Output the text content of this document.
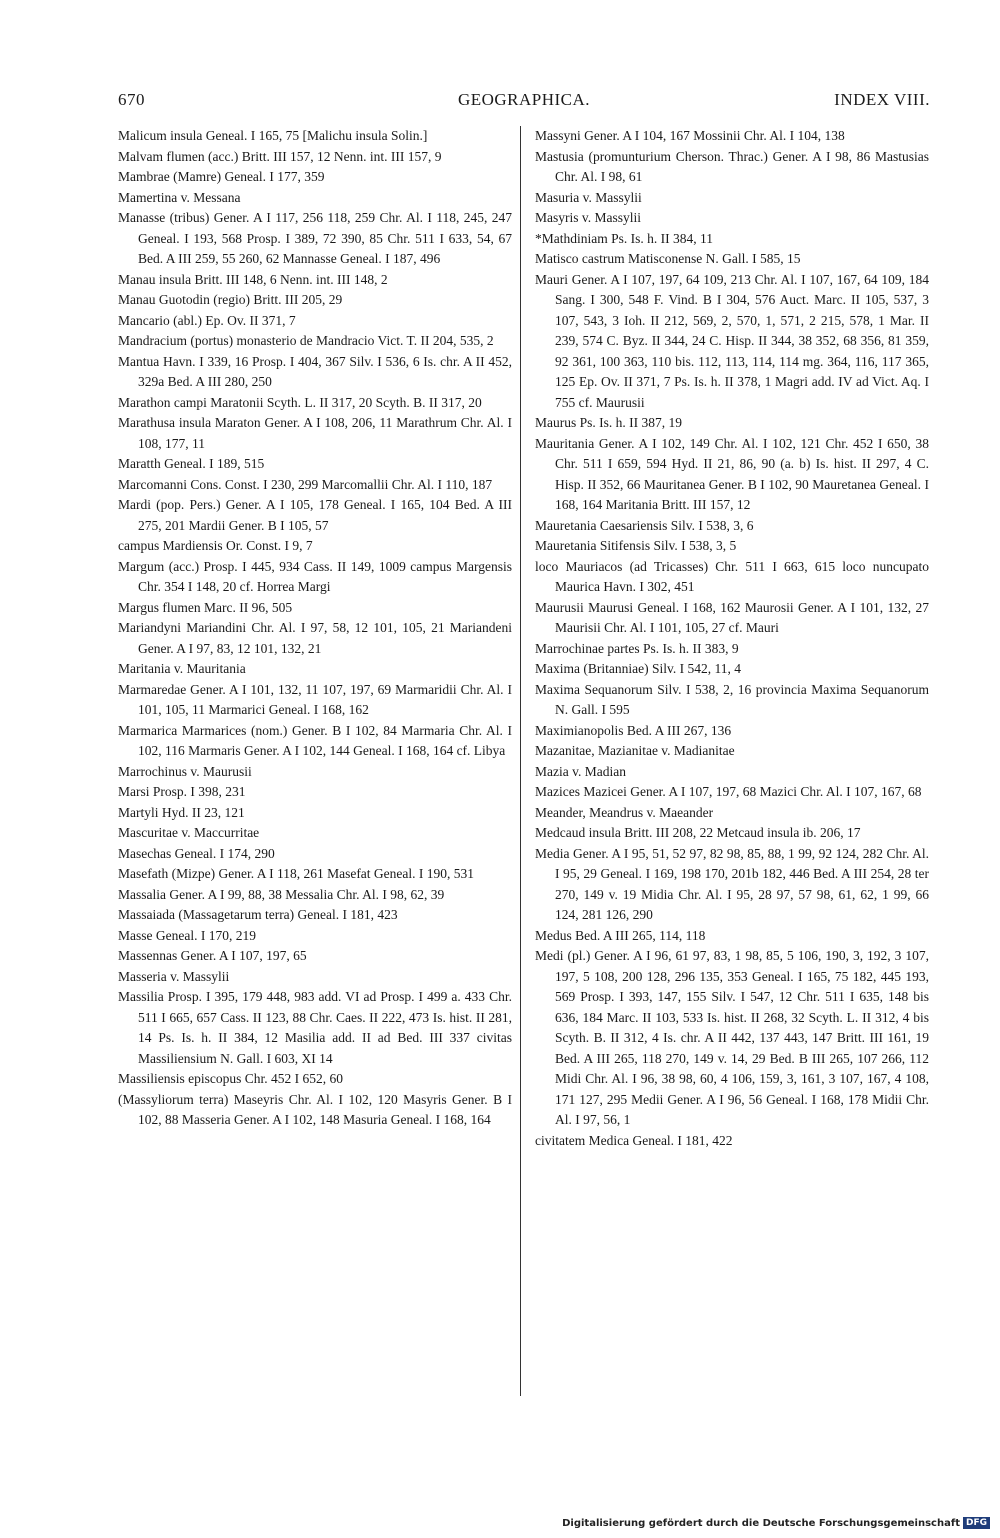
670	GEOGRAPHICA.	INDEX VIII.
Malicum insula Geneal. I 165, 75 [Malichu insula Solin.]
Malvam flumen (acc.) Britt. III 157, 12 Nenn. int. III 157, 9
Mambrae (Mamre) Geneal. I 177, 359
Mamertina v. Messana
Manasse (tribus) Gener. A I 117, 256 118, 259 Chr. Al. I 118, 245, 247 Geneal. I 193, 568 Prosp. I 389, 72 390, 85 Chr. 511 I 633, 54, 67 Bed. A III 259, 55 260, 62 Mannasse Geneal. I 187, 496
Manau insula Britt. III 148, 6 Nenn. int. III 148, 2
Manau Guotodin (regio) Britt. III 205, 29
Mancario (abl.) Ep. Ov. II 371, 7
Mandracium (portus) monasterio de Mandracio Vict. T. II 204, 535, 2
Mantua Havn. I 339, 16 Prosp. I 404, 367 Silv. I 536, 6 Is. chr. A II 452, 329a Bed. A III 280, 250
Marathon campi Maratonii Scyth. L. II 317, 20 Scyth. B. II 317, 20
Marathusa insula Maraton Gener. A I 108, 206, 11 Marathrum Chr. Al. I 108, 177, 11
Maratth Geneal. I 189, 515
Marcomanni Cons. Const. I 230, 299 Marcomallii Chr. Al. I 110, 187
Mardi (pop. Pers.) Gener. A I 105, 178 Geneal. I 165, 104 Bed. A III 275, 201 Mardii Gener. B I 105, 57
campus Mardiensis Or. Const. I 9, 7
Margum (acc.) Prosp. I 445, 934 Cass. II 149, 1009 campus Margensis Chr. 354 I 148, 20 cf. Horrea Margi
Margus flumen Marc. II 96, 505
Mariandyni Mariandini Chr. Al. I 97, 58, 12 101, 105, 21 Mariandeni Gener. A I 97, 83, 12 101, 132, 21
Maritania v. Mauritania
Marmaredae Gener. A I 101, 132, 11 107, 197, 69 Marmaridii Chr. Al. I 101, 105, 11 Marmarici Geneal. I 168, 162
Marmarica Marmarices (nom.) Gener. B I 102, 84 Marmaria Chr. Al. I 102, 116 Marmaris Gener. A I 102, 144 Geneal. I 168, 164 cf. Libya
Marrochinus v. Maurusii
Marsi Prosp. I 398, 231
Martyli Hyd. II 23, 121
Mascuritae v. Maccurritae
Masechas Geneal. I 174, 290
Masefath (Mizpe) Gener. A I 118, 261 Masefat Geneal. I 190, 531
Massalia Gener. A I 99, 88, 38 Messalia Chr. Al. I 98, 62, 39
Massaiada (Massagetarum terra) Geneal. I 181, 423
Masse Geneal. I 170, 219
Massennas Gener. A I 107, 197, 65
Masseria v. Massylii
Massilia Prosp. I 395, 179 448, 983 add. VI ad Prosp. I 499 a. 433 Chr. 511 I 665, 657 Cass. II 123, 88 Chr. Caes. II 222, 473 Is. hist. II 281, 14 Ps. Is. h. II 384, 12 Masilia add. II ad Bed. III 337 civitas Massiliensium N. Gall. I 603, XI 14
Massiliensis episcopus Chr. 452 I 652, 60
(Massyliorum terra) Maseyris Chr. Al. I 102, 120 Masyris Gener. B I 102, 88 Masseria Gener. A I 102, 148 Masuria Geneal. I 168, 164
Massyni Gener. A I 104, 167 Mossinii Chr. Al. I 104, 138
Mastusia (promunturium Cherson. Thrac.) Gener. A I 98, 86 Mastusias Chr. Al. I 98, 61
Masuria v. Massylii
Masyris v. Massylii
*Mathdiniam Ps. Is. h. II 384, 11
Matisco castrum Matisconense N. Gall. I 585, 15
Mauri Gener. A I 107, 197, 64 109, 213 Chr. Al. I 107, 167, 64 109, 184 Sang. I 300, 548 F. Vind. B I 304, 576 Auct. Marc. II 105, 537, 3 107, 543, 3 Ioh. II 212, 569, 2, 570, 1, 571, 2 215, 578, 1 Mar. II 239, 574 C. Byz. II 344, 24 C. Hisp. II 344, 38 352, 68 356, 81 359, 92 361, 100 363, 110 bis. 112, 113, 114, 114 mg. 364, 116, 117 365, 125 Ep. Ov. II 371, 7 Ps. Is. h. II 378, 1 Magri add. IV ad Vict. Aq. I 755 cf. Maurusii
Maurus Ps. Is. h. II 387, 19
Mauritania Gener. A I 102, 149 Chr. Al. I 102, 121 Chr. 452 I 650, 38 Chr. 511 I 659, 594 Hyd. II 21, 86, 90 (a. b) Is. hist. II 297, 4 C. Hisp. II 352, 66 Mauritanea Gener. B I 102, 90 Mauretanea Geneal. I 168, 164 Maritania Britt. III 157, 12
Mauretania Caesariensis Silv. I 538, 3, 6
Mauretania Sitifensis Silv. I 538, 3, 5
loco Mauriacos (ad Tricasses) Chr. 511 I 663, 615 loco nuncupato Maurica Havn. I 302, 451
Maurusii Maurusi Geneal. I 168, 162 Maurosii Gener. A I 101, 132, 27 Maurisii Chr. Al. I 101, 105, 27 cf. Mauri
Marrochinae partes Ps. Is. h. II 383, 9
Maxima (Britanniae) Silv. I 542, 11, 4
Maxima Sequanorum Silv. I 538, 2, 16 provincia Maxima Sequanorum N. Gall. I 595
Maximianopolis Bed. A III 267, 136
Mazanitae, Mazianitae v. Madianitae
Mazia v. Madian
Mazices Mazicei Gener. A I 107, 197, 68 Mazici Chr. Al. I 107, 167, 68
Meander, Meandrus v. Maeander
Medcaud insula Britt. III 208, 22 Metcaud insula ib. 206, 17
Media Gener. A I 95, 51, 52 97, 82 98, 85, 88, 1 99, 92 124, 282 Chr. Al. I 95, 29 Geneal. I 169, 198 170, 201b 182, 446 Bed. A III 254, 28 ter 270, 149 v. 19 Midia Chr. Al. I 95, 28 97, 57 98, 61, 62, 1 99, 66 124, 281 126, 290
Medus Bed. A III 265, 114, 118
Medi (pl.) Gener. A I 96, 61 97, 83, 1 98, 85, 5 106, 190, 3, 192, 3 107, 197, 5 108, 200 128, 296 135, 353 Geneal. I 165, 75 182, 445 193, 569 Prosp. I 393, 147, 155 Silv. I 547, 12 Chr. 511 I 635, 148 bis 636, 184 Marc. II 103, 533 Is. hist. II 268, 32 Scyth. L. II 312, 4 bis Scyth. B. II 312, 4 Is. chr. A II 442, 137 443, 147 Britt. III 161, 19 Bed. A III 265, 118 270, 149 v. 14, 29 Bed. B III 265, 107 266, 112 Midi Chr. Al. I 96, 38 98, 60, 4 106, 159, 3, 161, 3 107, 167, 4 108, 171 127, 295 Medii Gener. A I 96, 56 Geneal. I 168, 178 Midii Chr. Al. I 97, 56, 1
civitatem Medica Geneal. I 181, 422
Digitalisierung gefördert durch die Deutsche Forschungsgemeinschaft DFG
